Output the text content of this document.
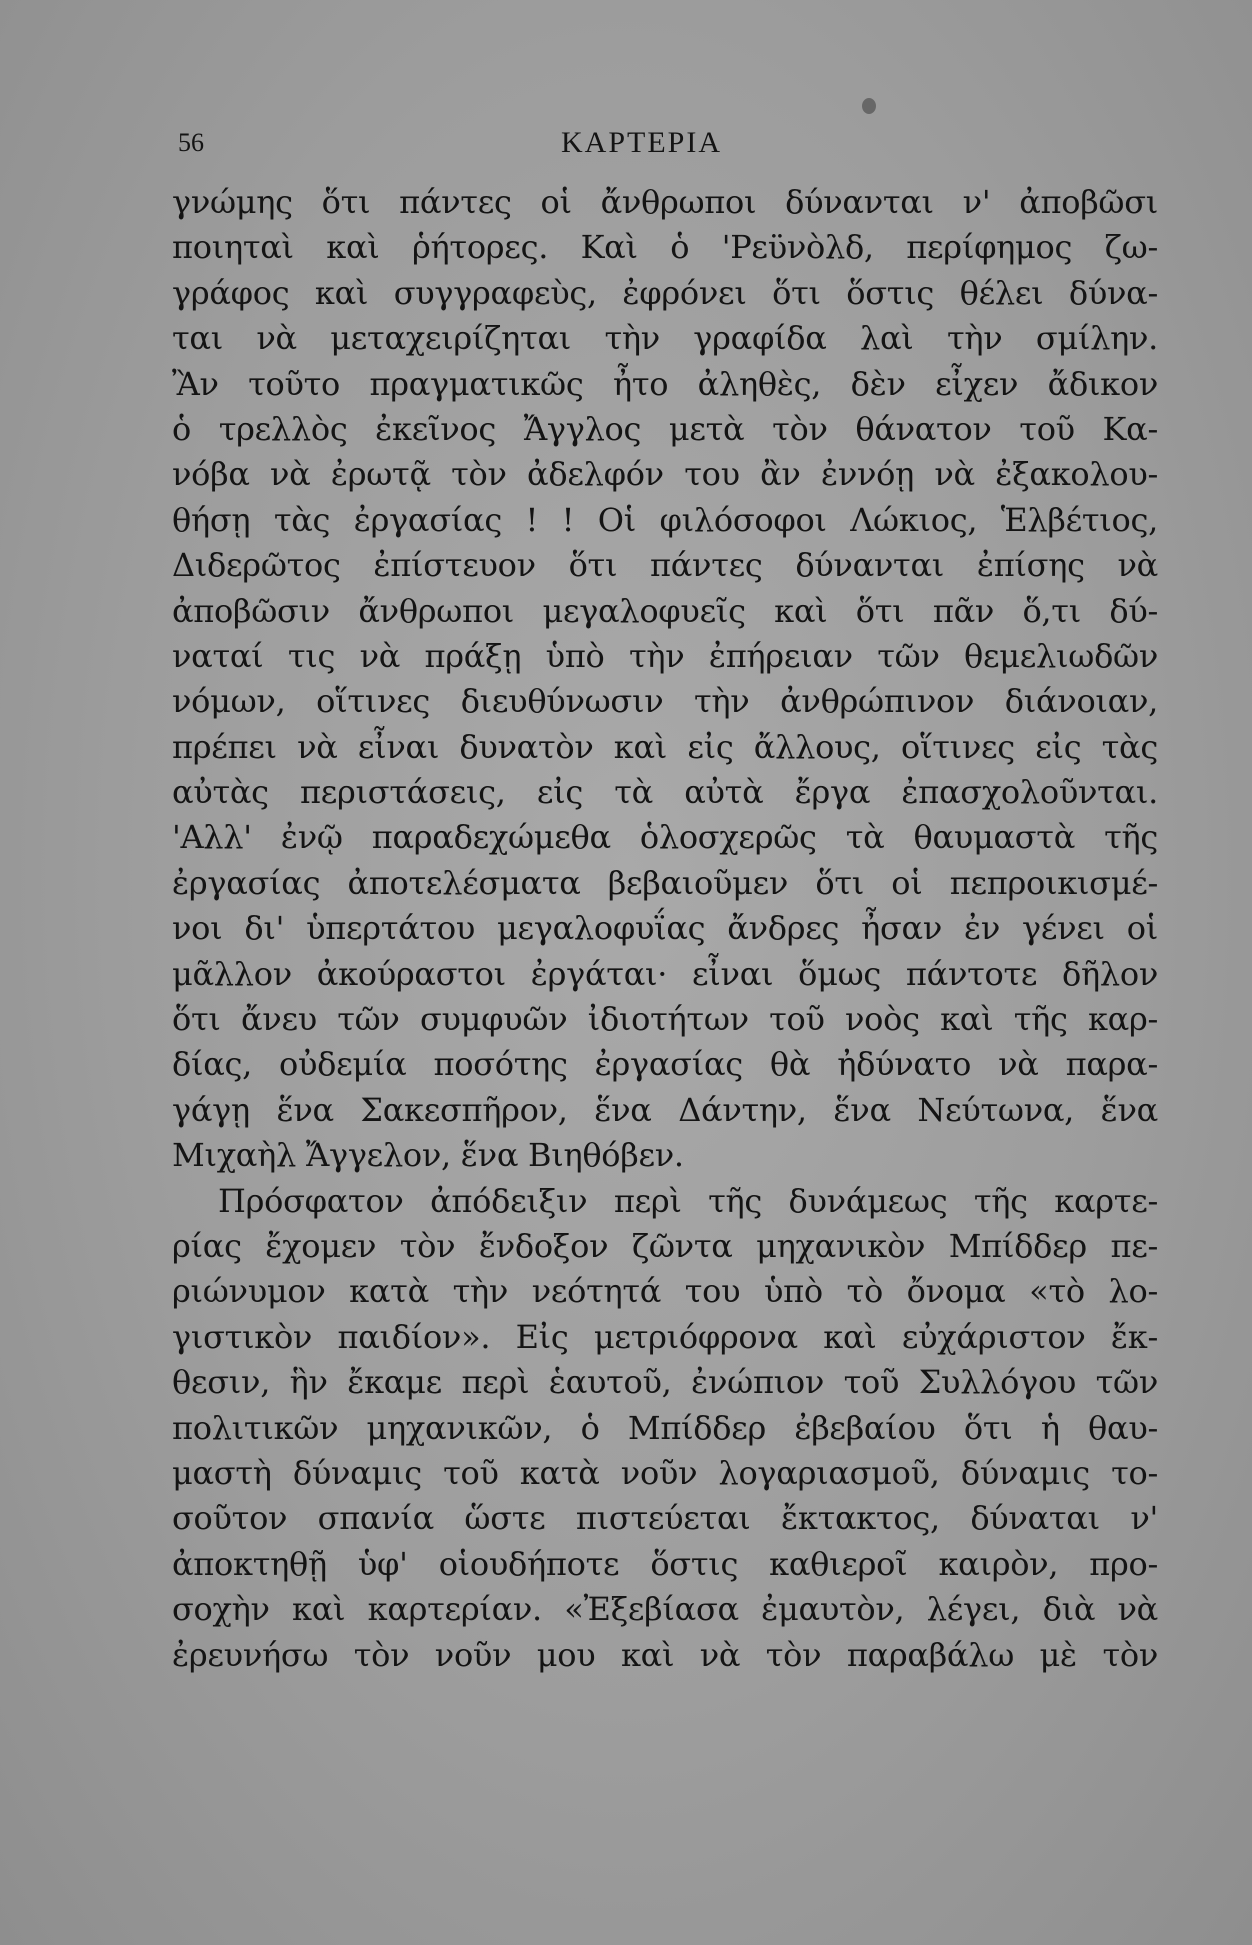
56	ΚΑΡΤΕΡΙΑ
γνώμης ὅτι πάντες οἱ ἄνθρωποι δύνανται ν' ἀποβῶσι
ποιηταὶ καὶ ῥήτορες. Καὶ ὁ 'Ρεϋνὸλδ, περίφημος ζω-
γράφος καὶ συγγραφεὺς, ἐφρόνει ὅτι ὅστις θέλει δύνα-
ται νὰ μεταχειρίζηται τὴν γραφίδα λαὶ τὴν σμίλην.
Ἂν τοῦτο πραγματικῶς ἦτο ἀληθὲς, δὲν εἶχεν ἄδικον
ὁ τρελλὸς ἐκεῖνος Ἄγγλος μετὰ τὸν θάνατον τοῦ Κα-
νόβα νὰ ἐρωτᾷ τὸν ἀδελφόν του ἂν ἐννόῃ νὰ ἐξακολου-
θήσῃ τὰς ἐργασίας ! ! Οἱ φιλόσοφοι Λώκιος, Ἑλβέτιος,
Διδερῶτος ἐπίστευον ὅτι πάντες δύνανται ἐπίσης νὰ
ἀποβῶσιν ἄνθρωποι μεγαλοφυεῖς καὶ ὅτι πᾶν ὅ,τι δύ-
ναταί τις νὰ πράξῃ ὑπὸ τὴν ἐπήρειαν τῶν θεμελιωδῶν
νόμων, οἵτινες διευθύνωσιν τὴν ἀνθρώπινον διάνοιαν,
πρέπει νὰ εἶναι δυνατὸν καὶ εἰς ἄλλους, οἵτινες εἰς τὰς
αὐτὰς περιστάσεις, εἰς τὰ αὐτὰ ἔργα ἐπασχολοῦνται.
'Αλλ' ἐνῷ παραδεχώμεθα ὁλοσχερῶς τὰ θαυμαστὰ τῆς
ἐργασίας ἀποτελέσματα βεβαιοῦμεν ὅτι οἱ πεπροικισμέ-
νοι δι' ὑπερτάτου μεγαλοφυΐας ἄνδρες ἦσαν ἐν γένει οἱ
μᾶλλον ἀκούραστοι ἐργάται· εἶναι ὅμως πάντοτε δῆλον
ὅτι ἄνευ τῶν συμφυῶν ἰδιοτήτων τοῦ νοὸς καὶ τῆς καρ-
δίας, οὐδεμία ποσότης ἐργασίας θὰ ἠδύνατο νὰ παρα-
γάγῃ ἕνα Σακεσπῆρον, ἕνα Δάντην, ἕνα Νεύτωνα, ἕνα
Μιχαὴλ Ἄγγελον, ἕνα Βιηθόβεν.
Πρόσφατον ἀπόδειξιν περὶ τῆς δυνάμεως τῆς καρτε-
ρίας ἔχομεν τὸν ἔνδοξον ζῶντα μηχανικὸν Μπίδδερ πε-
ριώνυμον κατὰ τὴν νεότητά του ὑπὸ τὸ ὄνομα «τὸ λο-
γιστικὸν παιδίον». Εἰς μετριόφρονα καὶ εὐχάριστον ἔκ-
θεσιν, ἣν ἔκαμε περὶ ἑαυτοῦ, ἐνώπιον τοῦ Συλλόγου τῶν
πολιτικῶν μηχανικῶν, ὁ Μπίδδερ ἐβεβαίου ὅτι ἡ θαυ-
μαστὴ δύναμις τοῦ κατὰ νοῦν λογαριασμοῦ, δύναμις το-
σοῦτον σπανία ὥστε πιστεύεται ἔκτακτος, δύναται ν'
ἀποκτηθῇ ὑφ' οἱουδήποτε ὅστις καθιεροῖ καιρὸν, προ-
σοχὴν καὶ καρτερίαν. «Ἐξεβίασα ἐμαυτὸν, λέγει, διὰ νὰ
ἐρευνήσω τὸν νοῦν μου καὶ νὰ τὸν παραβάλω μὲ τὸν
